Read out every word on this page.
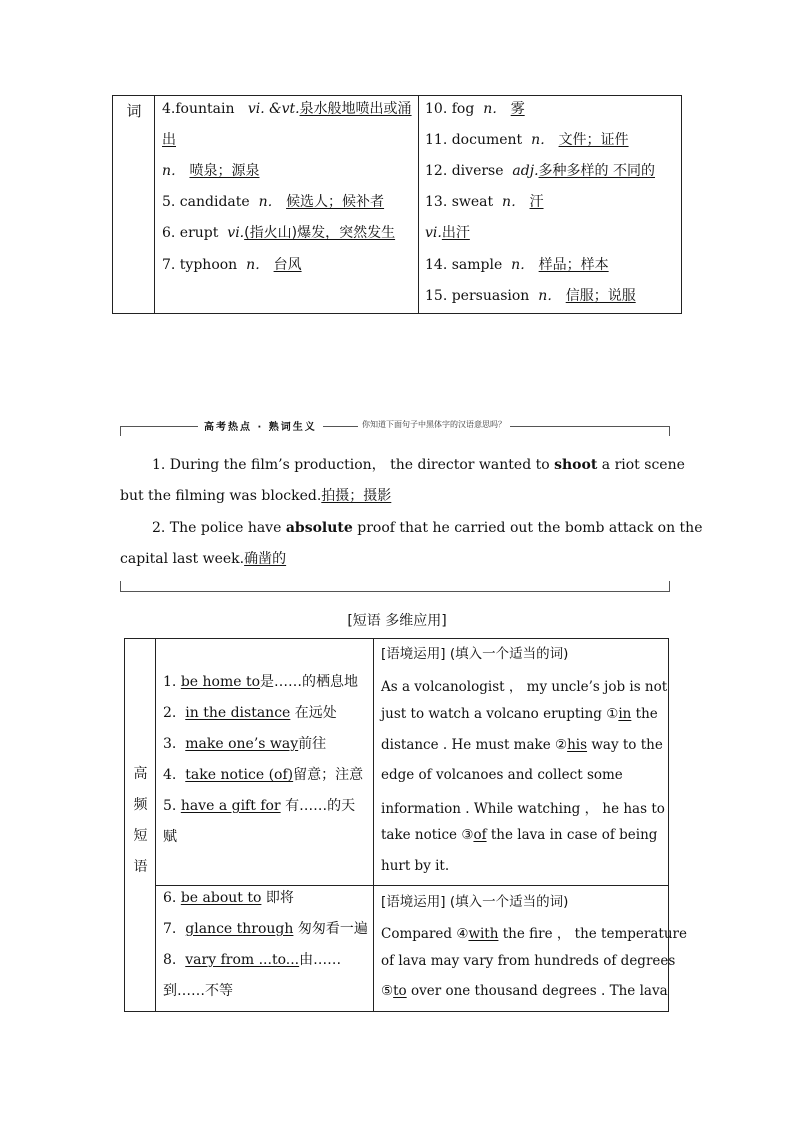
词	4.fountain vi. &vt.泉水般地喷出或涌
出
n． 喷泉；源泉
5. candidate n． 候选人；候补者
6. erupt vi.(指火山)爆发，突然发生
7. typhoon n． 台风
10. fog n． 雾
11. document n． 文件；证件
12. diverse adj.多种多样的 不同的
13. sweat n． 汗
vi.出汗
14. sample n． 样品；样本
15. persuasion n． 信服；说服
高考热点 · 熟词生义	你知道下面句子中黑体字的汉语意思吗？
1. During the film’s production， the director wanted to shoot a riot scene
but the filming was blocked.拍摄；摄影
2. The police have absolute proof that he carried out the bomb attack on the
capital last week.确凿的
[短语 多维应用]
高
频
短
语
1. be home to是……的栖息地
2. in the distance 在远处
3. make one’s way前往
4. take notice (of)留意；注意
5. have a gift for 有……的天
赋
6. be about to 即将
7. glance through 匆匆看一遍
8. vary from ...to...由……
到……不等
[语境运用] (填入一个适当的词)
As a volcanologist ， my uncle’s job is not
just to watch a volcano erupting ①in the
distance . He must make ②his way to the
edge of volcanoes and collect some
information . While watching ， he has to
take notice ③of the lava in case of being
hurt by it.
[语境运用] (填入一个适当的词)
Compared ④with the fire ， the temperature
of lava may vary from hundreds of degrees
⑤to over one thousand degrees . The lava
